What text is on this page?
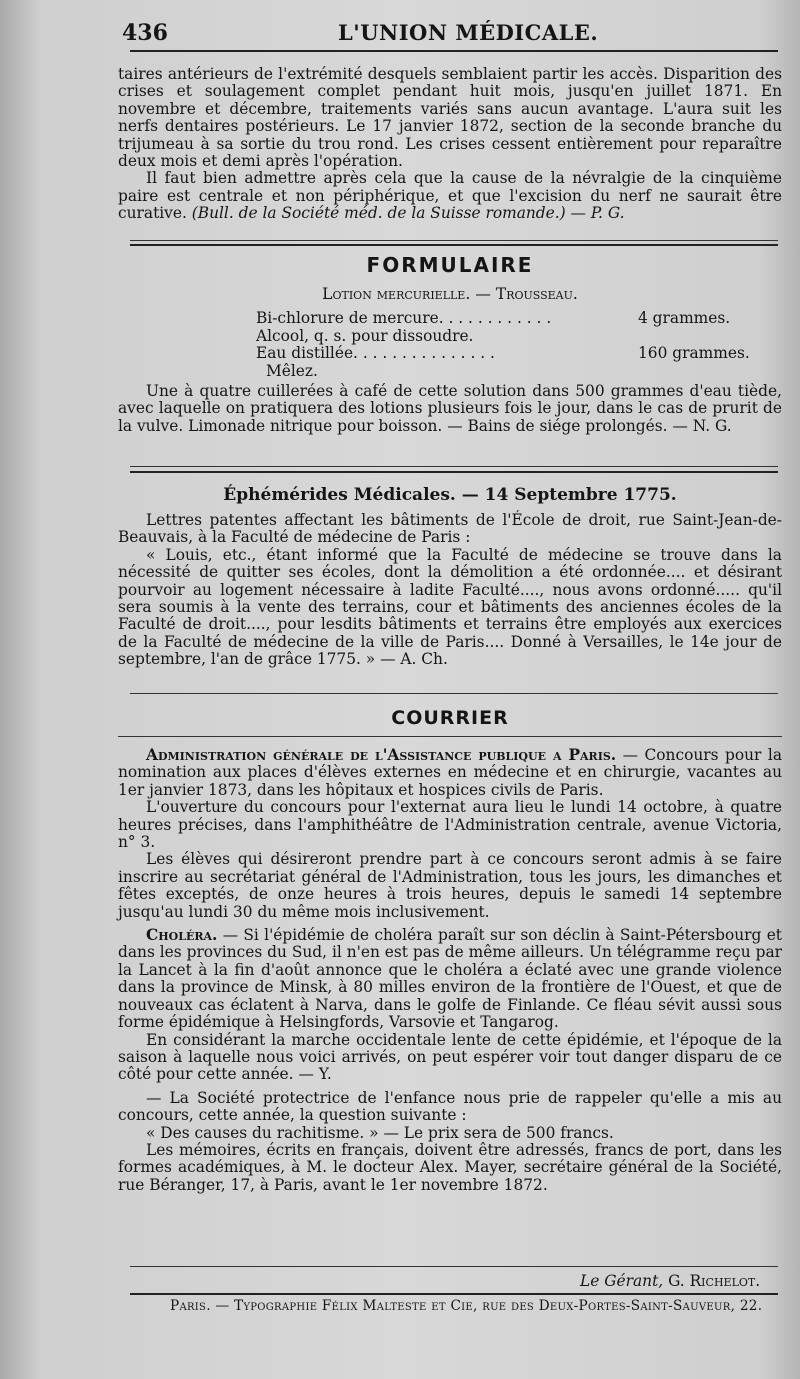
436	L'UNION MÉDICALE.

taires antérieurs de l'extrémité desquels semblaient partir les accès. Disparition des crises et soulagement complet pendant huit mois, jusqu'en juillet 1871. En novembre et décembre, traitements variés sans aucun avantage. L'aura suit les nerfs dentaires postérieurs. Le 17 janvier 1872, section de la seconde branche du trijumeau à sa sortie du trou rond. Les crises cessent entièrement pour reparaître deux mois et demi après l'opération.

Il faut bien admettre après cela que la cause de la névralgie de la cinquième paire est centrale et non périphérique, et que l'excision du nerf ne saurait être curative. (Bull. de la Société méd. de la Suisse romande.) — P. G.

FORMULAIRE

Lotion mercurielle. — Trousseau.

Bi-chlorure de mercure. . . . . . . . . . . .	4 grammes.
Alcool, q. s. pour dissoudre.
Eau distillée. . . . . . . . . . . . . . .	160 grammes.
Mêlez.

Une à quatre cuillerées à café de cette solution dans 500 grammes d'eau tiède, avec laquelle on pratiquera des lotions plusieurs fois le jour, dans le cas de prurit de la vulve. Limonade nitrique pour boisson. — Bains de siége prolongés. — N. G.

Éphémérides Médicales. — 14 Septembre 1775.

Lettres patentes affectant les bâtiments de l'École de droit, rue Saint-Jean-de-Beauvais, à la Faculté de médecine de Paris :

« Louis, etc., étant informé que la Faculté de médecine se trouve dans la nécessité de quitter ses écoles, dont la démolition a été ordonnée.... et désirant pourvoir au logement nécessaire à ladite Faculté...., nous avons ordonné..... qu'il sera soumis à la vente des terrains, cour et bâtiments des anciennes écoles de la Faculté de droit...., pour lesdits bâtiments et terrains être employés aux exercices de la Faculté de médecine de la ville de Paris.... Donné à Versailles, le 14e jour de septembre, l'an de grâce 1775. » — A. Ch.

COURRIER

Administration générale de l'Assistance publique a Paris. — Concours pour la nomination aux places d'élèves externes en médecine et en chirurgie, vacantes au 1er janvier 1873, dans les hôpitaux et hospices civils de Paris.

L'ouverture du concours pour l'externat aura lieu le lundi 14 octobre, à quatre heures précises, dans l'amphithéâtre de l'Administration centrale, avenue Victoria, n° 3.

Les élèves qui désireront prendre part à ce concours seront admis à se faire inscrire au secrétariat général de l'Administration, tous les jours, les dimanches et fêtes exceptés, de onze heures à trois heures, depuis le samedi 14 septembre jusqu'au lundi 30 du même mois inclusivement.

Choléra. — Si l'épidémie de choléra paraît sur son déclin à Saint-Pétersbourg et dans les provinces du Sud, il n'en est pas de même ailleurs. Un télégramme reçu par la Lancet à la fin d'août annonce que le choléra a éclaté avec une grande violence dans la province de Minsk, à 80 milles environ de la frontière de l'Ouest, et que de nouveaux cas éclatent à Narva, dans le golfe de Finlande. Ce fléau sévit aussi sous forme épidémique à Helsingfords, Varsovie et Tangarog.

En considérant la marche occidentale lente de cette épidémie, et l'époque de la saison à laquelle nous voici arrivés, on peut espérer voir tout danger disparu de ce côté pour cette année. — Y.

— La Société protectrice de l'enfance nous prie de rappeler qu'elle a mis au concours, cette année, la question suivante :

« Des causes du rachitisme. » — Le prix sera de 500 francs.

Les mémoires, écrits en français, doivent être adressés, francs de port, dans les formes académiques, à M. le docteur Alex. Mayer, secrétaire général de la Société, rue Béranger, 17, à Paris, avant le 1er novembre 1872.

Le Gérant, G. Richelot.
Paris. — Typographie Félix Malteste et Cie, rue des Deux-Portes-Saint-Sauveur, 22.
